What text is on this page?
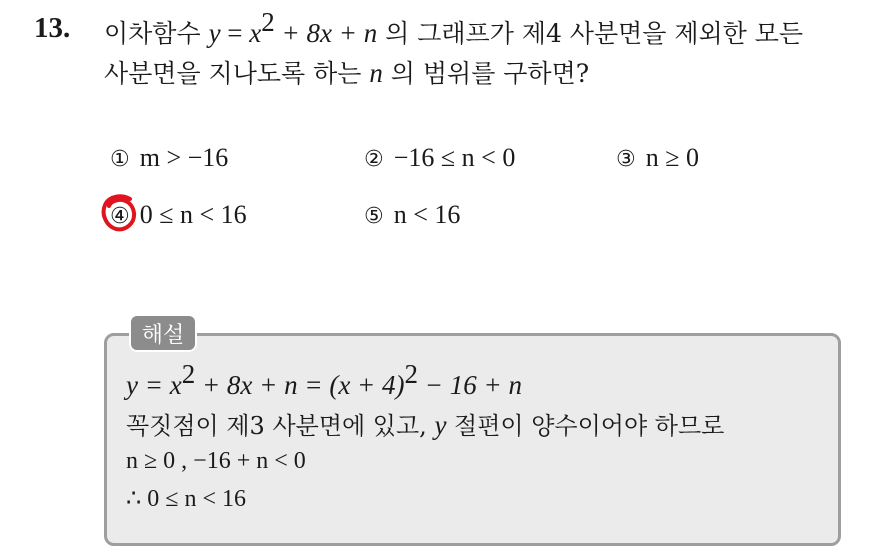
13. 이차함수 $y = x^2 + 8x + n$ 의 그래프가 제4 사분면을 제외한 모든
사분면을 지나도록 하는 n 의 범위를 구하면?
① m > −16	② −16 ≤ n < 0	③ n ≥ 0
④ 0 ≤ n < 16	⑤ n < 16
해설
$y = x^2 + 8x + n = (x + 4)^2 - 16 + n$
꼭짓점이 제3 사분면에 있고, y 절편이 양수이어야 하므로
n ≥ 0 , −16 + n < 0
∴ 0 ≤ n < 16
